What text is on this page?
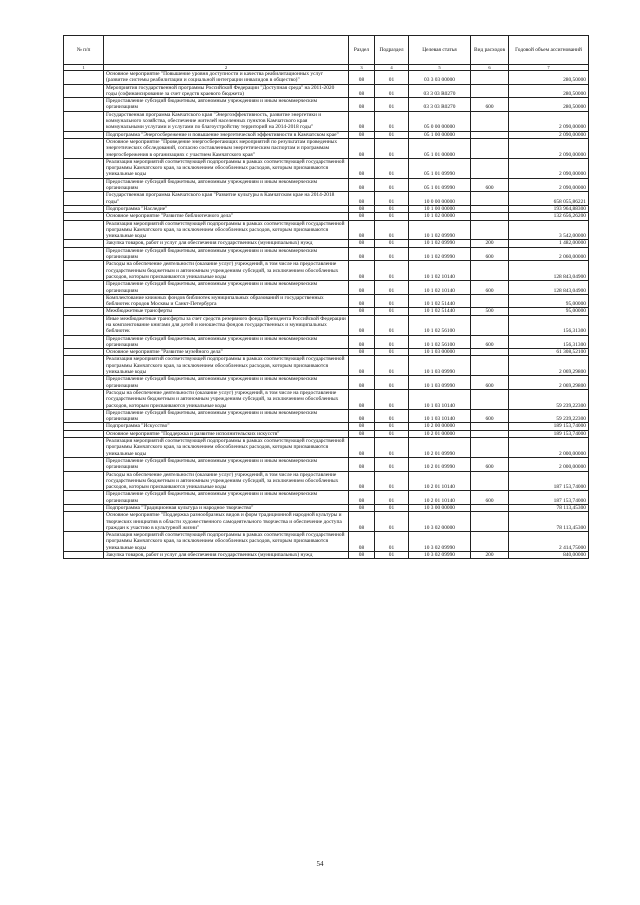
№ п/п		Раздел	Подраздел	Целевая статья	Вид расходов	Годовой объем ассигнований
1	2	3	4	5	6	7
	Основное мероприятие "Повышение уровня доступности и качества реабилитационных услуг (развитие системы реабилитации и социальной интеграции инвалидов в общество)"	08	01	03 3 03 00000		280,50000
	Мероприятия государственной программы Российской Федерации "Доступная среда" на 2011-2020 годы (софинансирование за счет средств краевого бюджета)	08	01	03 3 03 R0270		280,50000
	Предоставление субсидий бюджетным, автономным учреждениям и иным некоммерческим организациям	08	01	03 3 03 R0270	600	280,50000
	Государственная программа Камчатского края "Энергоэффективность, развитие энергетики и коммунального хозяйства, обеспечение жителей населенных пунктов Камчатского края коммунальными услугами и услугами по благоустройству территорий на 2014-2018 годы"	08	01	05 0 00 00000		2 090,00000
	Подпрограмма "Энергосбережение и повышение энергетической эффективности в Камчатском крае"	08	01	05 1 00 00000		2 090,00000
	Основное мероприятие "Проведение энергосберегающих мероприятий по результатам проведенных энергетических обследований, согласно составленным энергетическим паспортам и программам энергосбережения в организациях с участием Камчатского края"	08	01	05 1 01 00000		2 090,00000
	Реализация мероприятий соответствующей подпрограммы в рамках соответствующей государственной программы Камчатского края, за исключением обособленных расходов, которым присваиваются уникальные коды	08	01	05 1 01 09990		2 090,00000
	Предоставление субсидий бюджетным, автономным учреждениям и иным некоммерческим организациям	08	01	05 1 01 09990	600	2 090,00000
	Государственная программа Камчатского края "Развитие культуры в Камчатском крае на 2014-2018 годы"	08	01	10 0 00 00000		658 055,86221
	Подпрограмма "Наследие"	08	01	10 1 00 00000		193 964,88300
	Основное мероприятие "Развитие библиотечного дела"	08	01	10 1 02 00000		132 656,26200
	Реализация мероприятий соответствующей подпрограммы в рамках соответствующей государственной программы Камчатского края, за исключением обособленных расходов, которым присваиваются уникальные коды	08	01	10 1 02 09990		3 542,00000
	Закупка товаров, работ и услуг для обеспечения государственных (муниципальных) нужд	08	01	10 1 02 09990	200	1 482,00000
	Предоставление субсидий бюджетным, автономным учреждениям и иным некоммерческим организациям	08	01	10 1 02 09990	600	2 060,00000
	Расходы на обеспечение деятельности (оказание услуг) учреждений, в том числе на предоставление государственным бюджетным и автономным учреждениям субсидий, за исключением обособленных расходов, которым присваиваются уникальные коды	08	01	10 1 02 10140		128 843,04900
	Предоставление субсидий бюджетным, автономным учреждениям и иным некоммерческим организациям	08	01	10 1 02 10140	600	128 843,04900
	Комплектование книжных фондов библиотек муниципальных образований и государственных библиотек городов Москвы и Санкт-Петербурга	08	01	10 1 02 51440		95,00000
	Межбюджетные трансферты	08	01	10 1 02 51440	500	95,00000
	Иные межбюджетные трансферты за счет средств резервного фонда Президента Российской Федерации на комплектование книгами для детей и юношества фондов государственных и муниципальных библиотек	08	01	10 1 02 56100		156,31300
	Предоставление субсидий бюджетным, автономным учреждениям и иным некоммерческим организациям	08	01	10 1 02 56100	600	156,31300
	Основное мероприятие "Развитие музейного дела"	08	01	10 1 03 00000		61 308,52100
	Реализация мероприятий соответствующей подпрограммы в рамках соответствующей государственной программы Камчатского края, за исключением обособленных расходов, которым присваиваются уникальные коды	08	01	10 1 03 09990		2 069,29800
	Предоставление субсидий бюджетным, автономным учреждениям и иным некоммерческим организациям	08	01	10 1 03 09990	600	2 069,29800
	Расходы на обеспечение деятельности (оказание услуг) учреждений, в том числе на предоставление государственным бюджетным и автономным учреждениям субсидий, за исключением обособленных расходов, которым присваиваются уникальные коды	08	01	10 1 03 10140		59 239,22300
	Предоставление субсидий бюджетным, автономным учреждениям и иным некоммерческим организациям	08	01	10 1 03 10140	600	59 239,22300
	Подпрограмма "Искусство"	08	01	10 2 00 00000		189 153,74000
	Основное мероприятие "Поддержка и развитие исполнительских искусств"	08	01	10 2 01 00000		189 153,74000
	Реализация мероприятий соответствующей подпрограммы в рамках соответствующей государственной программы Камчатского края, за исключением обособленных расходов, которым присваиваются уникальные коды	08	01	10 2 01 09990		2 000,00000
	Предоставление субсидий бюджетным, автономным учреждениям и иным некоммерческим организациям	08	01	10 2 01 09990	600	2 000,00000
	Расходы на обеспечение деятельности (оказание услуг) учреждений, в том числе на предоставление государственным бюджетным и автономным учреждениям субсидий, за исключением обособленных расходов, которым присваиваются уникальные коды	08	01	10 2 01 10140		187 153,74000
	Предоставление субсидий бюджетным, автономным учреждениям и иным некоммерческим организациям	08	01	10 2 01 10140	600	187 153,74000
	Подпрограмма "Традиционная культура и народное творчество"	08	01	10 3 00 00000		78 113,45300
	Основное мероприятие "Поддержка разнообразных видов и форм традиционной народной культуры и творческих инициатив в области художественного самодеятельного творчества и обеспечение доступа граждан к участию в культурной жизни"	08	01	10 3 02 00000		78 113,45300
	Реализация мероприятий соответствующей подпрограммы в рамках соответствующей государственной программы Камчатского края, за исключением обособленных расходов, которым присваиваются уникальные коды	08	01	10 3 02 09990		2 414,75000
	Закупка товаров, работ и услуг для обеспечения государственных (муниципальных) нужд	08	01	10 3 02 09990	200	840,00000
54
